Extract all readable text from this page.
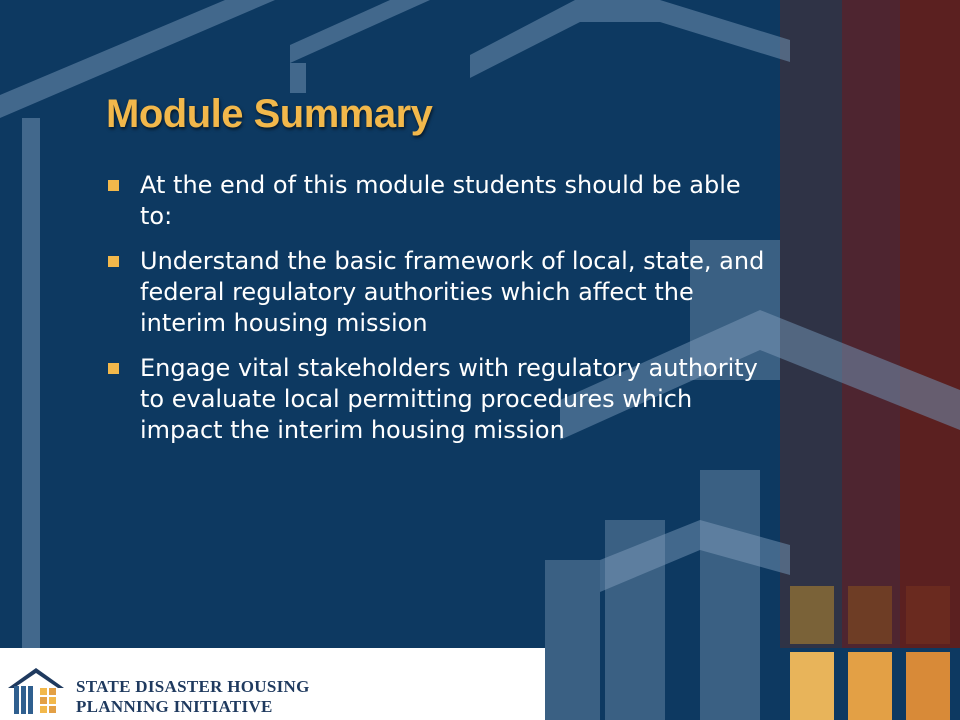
Module Summary
At the end of this module students should be able to:
Understand the basic framework of local, state, and federal regulatory authorities which affect the interim housing mission
Engage vital stakeholders with regulatory authority to evaluate local permitting procedures which impact the interim housing mission
STATE DISASTER HOUSING
PLANNING INITIATIVE
